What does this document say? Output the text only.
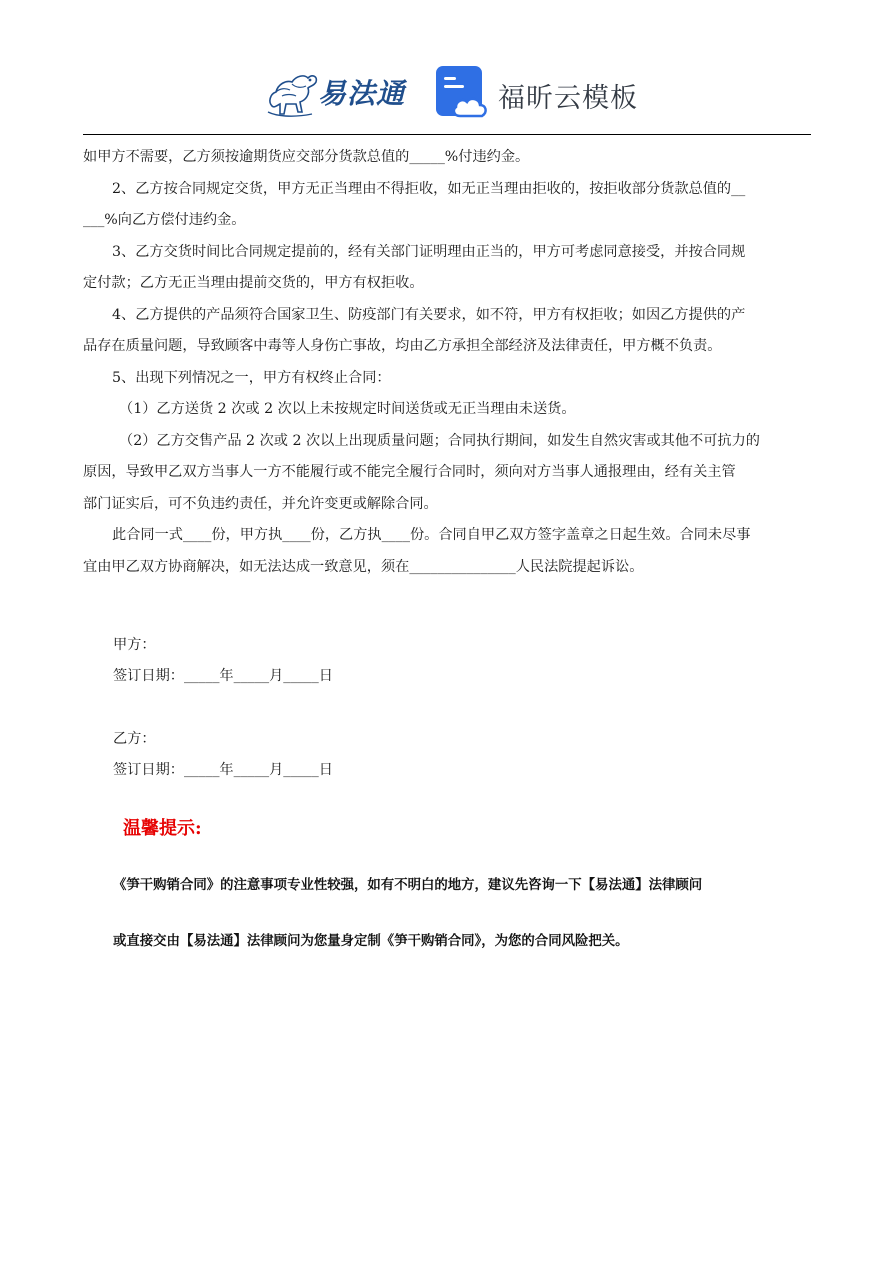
易法通	福昕云模板
如甲方不需要，乙方须按逾期货应交部分货款总值的_____%付违约金。
2、乙方按合同规定交货，甲方无正当理由不得拒收，如无正当理由拒收的，按拒收部分货款总值的__
___%向乙方偿付违约金。
3、乙方交货时间比合同规定提前的，经有关部门证明理由正当的，甲方可考虑同意接受，并按合同规
定付款；乙方无正当理由提前交货的，甲方有权拒收。
4、乙方提供的产品须符合国家卫生、防疫部门有关要求，如不符，甲方有权拒收；如因乙方提供的产
品存在质量问题，导致顾客中毒等人身伤亡事故，均由乙方承担全部经济及法律责任，甲方概不负责。
5、出现下列情况之一，甲方有权终止合同：
（1）乙方送货 2 次或 2 次以上未按规定时间送货或无正当理由未送货。
（2）乙方交售产品 2 次或 2 次以上出现质量问题；合同执行期间，如发生自然灾害或其他不可抗力的
原因，导致甲乙双方当事人一方不能履行或不能完全履行合同时，须向对方当事人通报理由，经有关主管
部门证实后，可不负违约责任，并允许变更或解除合同。
此合同一式____份，甲方执____份，乙方执____份。合同自甲乙双方签字盖章之日起生效。合同未尽事
宜由甲乙双方协商解决，如无法达成一致意见，须在_______________人民法院提起诉讼。
甲方：
签订日期：_____年_____月_____日
乙方：
签订日期：_____年_____月_____日
温馨提示:
《笋干购销合同》的注意事项专业性较强，如有不明白的地方，建议先咨询一下【易法通】法律顾问
或直接交由【易法通】法律顾问为您量身定制《笋干购销合同》，为您的合同风险把关。
